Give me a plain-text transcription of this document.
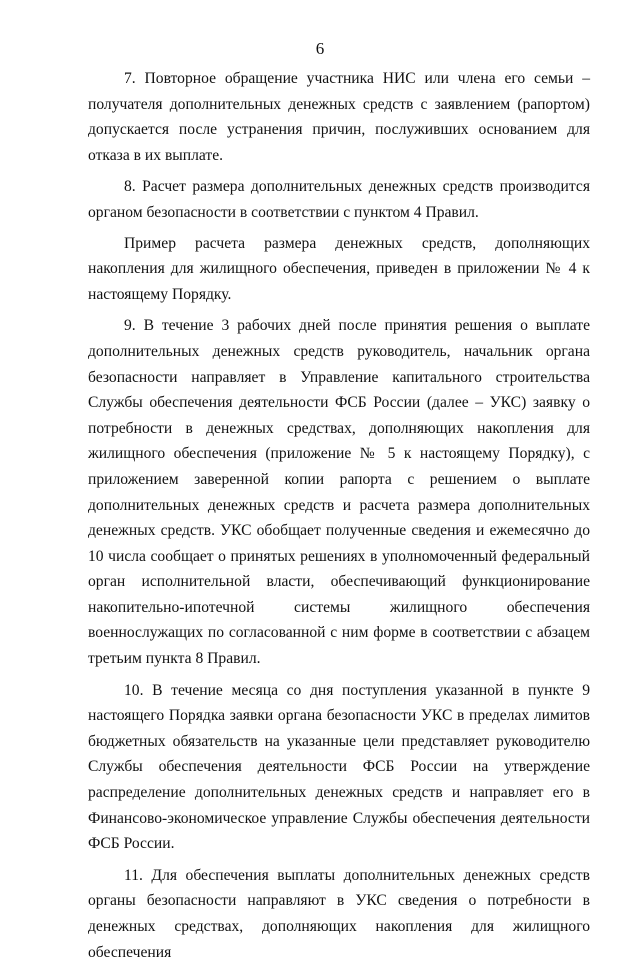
6

7. Повторное обращение участника НИС или члена его семьи – получателя дополнительных денежных средств с заявлением (рапортом) допускается после устранения причин, послуживших основанием для отказа в их выплате.

8. Расчет размера дополнительных денежных средств производится органом безопасности в соответствии с пунктом 4 Правил.

Пример расчета размера денежных средств, дополняющих накопления для жилищного обеспечения, приведен в приложении № 4 к настоящему Порядку.

9. В течение 3 рабочих дней после принятия решения о выплате дополнительных денежных средств руководитель, начальник органа безопасности направляет в Управление капитального строительства Службы обеспечения деятельности ФСБ России (далее – УКС) заявку о потребности в денежных средствах, дополняющих накопления для жилищного обеспечения (приложение № 5 к настоящему Порядку), с приложением заверенной копии рапорта с решением о выплате дополнительных денежных средств и расчета размера дополнительных денежных средств. УКС обобщает полученные сведения и ежемесячно до 10 числа сообщает о принятых решениях в уполномоченный федеральный орган исполнительной власти, обеспечивающий функционирование накопительно-ипотечной системы жилищного обеспечения военнослужащих по согласованной с ним форме в соответствии с абзацем третьим пункта 8 Правил.

10. В течение месяца со дня поступления указанной в пункте 9 настоящего Порядка заявки органа безопасности УКС в пределах лимитов бюджетных обязательств на указанные цели представляет руководителю Службы обеспечения деятельности ФСБ России на утверждение распределение дополнительных денежных средств и направляет его в Финансово-экономическое управление Службы обеспечения деятельности ФСБ России.

11. Для обеспечения выплаты дополнительных денежных средств органы безопасности направляют в УКС сведения о потребности в денежных средствах, дополняющих накопления для жилищного обеспечения
